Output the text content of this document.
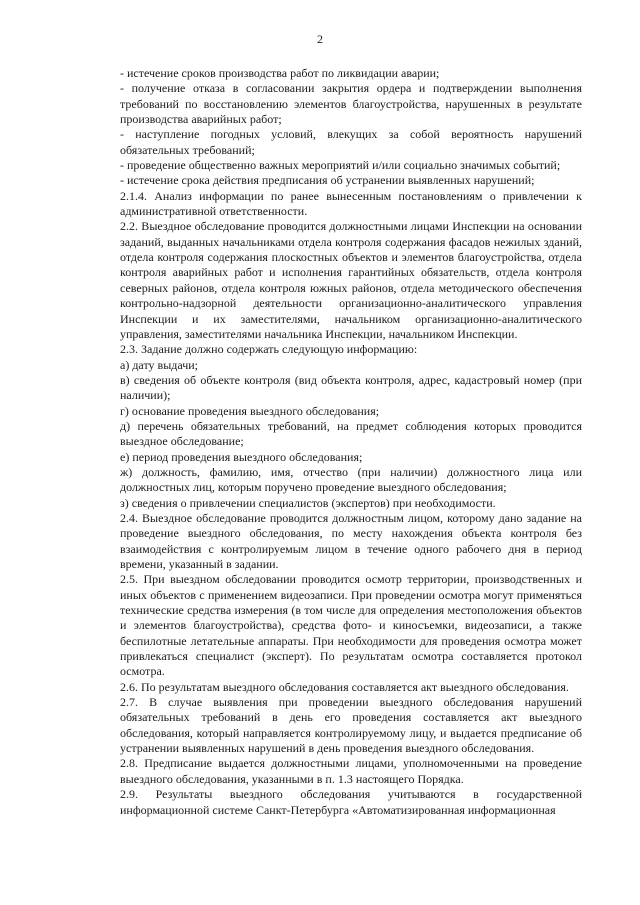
2

- истечение сроков производства работ по ликвидации аварии;

- получение отказа в согласовании закрытия ордера и подтверждении выполнения требований по восстановлению элементов благоустройства, нарушенных в результате производства аварийных работ;

- наступление погодных условий, влекущих за собой вероятность нарушений обязательных требований;

- проведение общественно важных мероприятий и/или социально значимых событий;

- истечение срока действия предписания об устранении выявленных нарушений;

2.1.4. Анализ информации по ранее вынесенным постановлениям о привлечении к административной ответственности.

2.2. Выездное обследование проводится должностными лицами Инспекции на основании заданий, выданных начальниками отдела контроля содержания фасадов нежилых зданий, отдела контроля содержания плоскостных объектов и элементов благоустройства, отдела контроля аварийных работ и исполнения гарантийных обязательств, отдела контроля северных районов, отдела контроля южных районов, отдела методического обеспечения контрольно-надзорной деятельности организационно-аналитического управления Инспекции и их заместителями, начальником организационно-аналитического управления, заместителями начальника Инспекции, начальником Инспекции.

2.3. Задание должно содержать следующую информацию:

а) дату выдачи;

в) сведения об объекте контроля (вид объекта контроля, адрес, кадастровый номер (при наличии);

г) основание проведения выездного обследования;

д) перечень обязательных требований, на предмет соблюдения которых проводится выездное обследование;

е) период проведения выездного обследования;

ж) должность, фамилию, имя, отчество (при наличии) должностного лица или должностных лиц, которым поручено проведение выездного обследования;

з) сведения о привлечении специалистов (экспертов) при необходимости.

2.4. Выездное обследование проводится должностным лицом, которому дано задание на проведение выездного обследования, по месту нахождения объекта контроля без взаимодействия с контролируемым лицом в течение одного рабочего дня в период времени, указанный в задании.

2.5. При выездном обследовании проводится осмотр территории, производственных и иных объектов с применением видеозаписи. При проведении осмотра могут применяться технические средства измерения (в том числе для определения местоположения объектов и элементов благоустройства), средства фото- и киносъемки, видеозаписи, а также беспилотные летательные аппараты. При необходимости для проведения осмотра может привлекаться специалист (эксперт). По результатам осмотра составляется протокол осмотра.

2.6. По результатам выездного обследования составляется акт выездного обследования.

2.7. В случае выявления при проведении выездного обследования нарушений обязательных требований в день его проведения составляется акт выездного обследования, который направляется контролируемому лицу, и выдается предписание об устранении выявленных нарушений в день проведения выездного обследования.

2.8. Предписание выдается должностными лицами, уполномоченными на проведение выездного обследования, указанными в п. 1.3 настоящего Порядка.

2.9. Результаты выездного обследования учитываются в государственной информационной системе Санкт-Петербурга «Автоматизированная информационная
